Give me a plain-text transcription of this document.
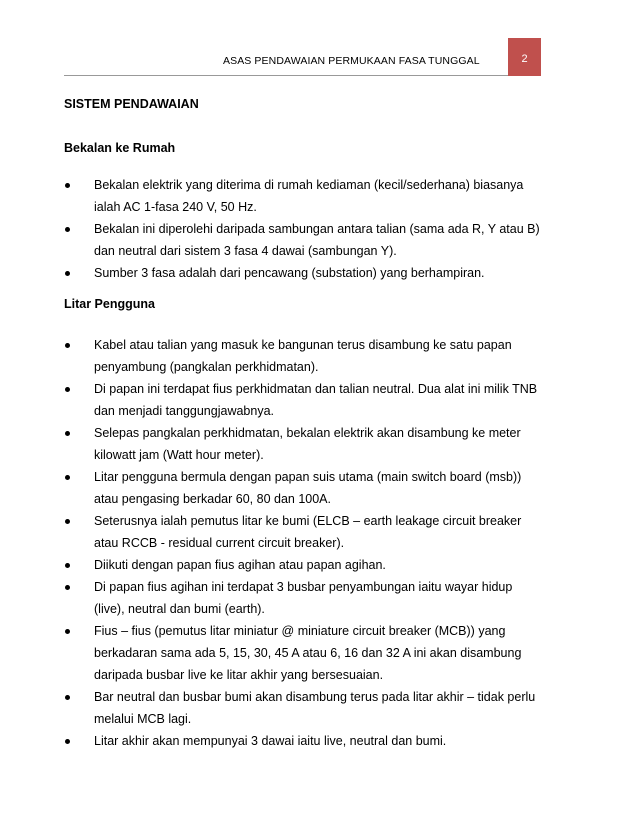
ASAS PENDAWAIAN PERMUKAAN FASA TUNGGAL	2
SISTEM PENDAWAIAN
Bekalan ke Rumah
Bekalan elektrik yang diterima di rumah kediaman (kecil/sederhana) biasanya ialah AC 1-fasa 240 V, 50 Hz.
Bekalan ini diperolehi daripada sambungan antara talian (sama ada R, Y atau B) dan neutral dari sistem 3 fasa 4 dawai (sambungan Y).
Sumber 3 fasa adalah dari pencawang (substation) yang berhampiran.
Litar Pengguna
Kabel atau talian yang masuk ke bangunan terus disambung ke satu papan penyambung (pangkalan perkhidmatan).
Di papan ini terdapat fius perkhidmatan dan talian neutral. Dua alat ini milik TNB dan menjadi tanggungjawabnya.
Selepas pangkalan perkhidmatan, bekalan elektrik akan disambung ke meter kilowatt jam (Watt hour meter).
Litar pengguna bermula dengan papan suis utama (main switch board (msb)) atau pengasing berkadar 60, 80 dan 100A.
Seterusnya ialah pemutus litar ke bumi (ELCB – earth leakage circuit breaker atau RCCB - residual current circuit breaker).
Diikuti dengan papan fius agihan atau papan agihan.
Di papan fius agihan ini terdapat 3 busbar penyambungan iaitu wayar hidup (live), neutral dan bumi (earth).
Fius – fius (pemutus litar miniatur @ miniature circuit breaker (MCB)) yang berkadaran sama ada 5, 15, 30, 45 A atau 6, 16 dan 32 A ini akan disambung daripada busbar live ke litar akhir yang bersesuaian.
Bar neutral dan busbar bumi akan disambung terus pada litar akhir – tidak perlu melalui MCB lagi.
Litar akhir akan mempunyai 3 dawai iaitu live, neutral dan bumi.
